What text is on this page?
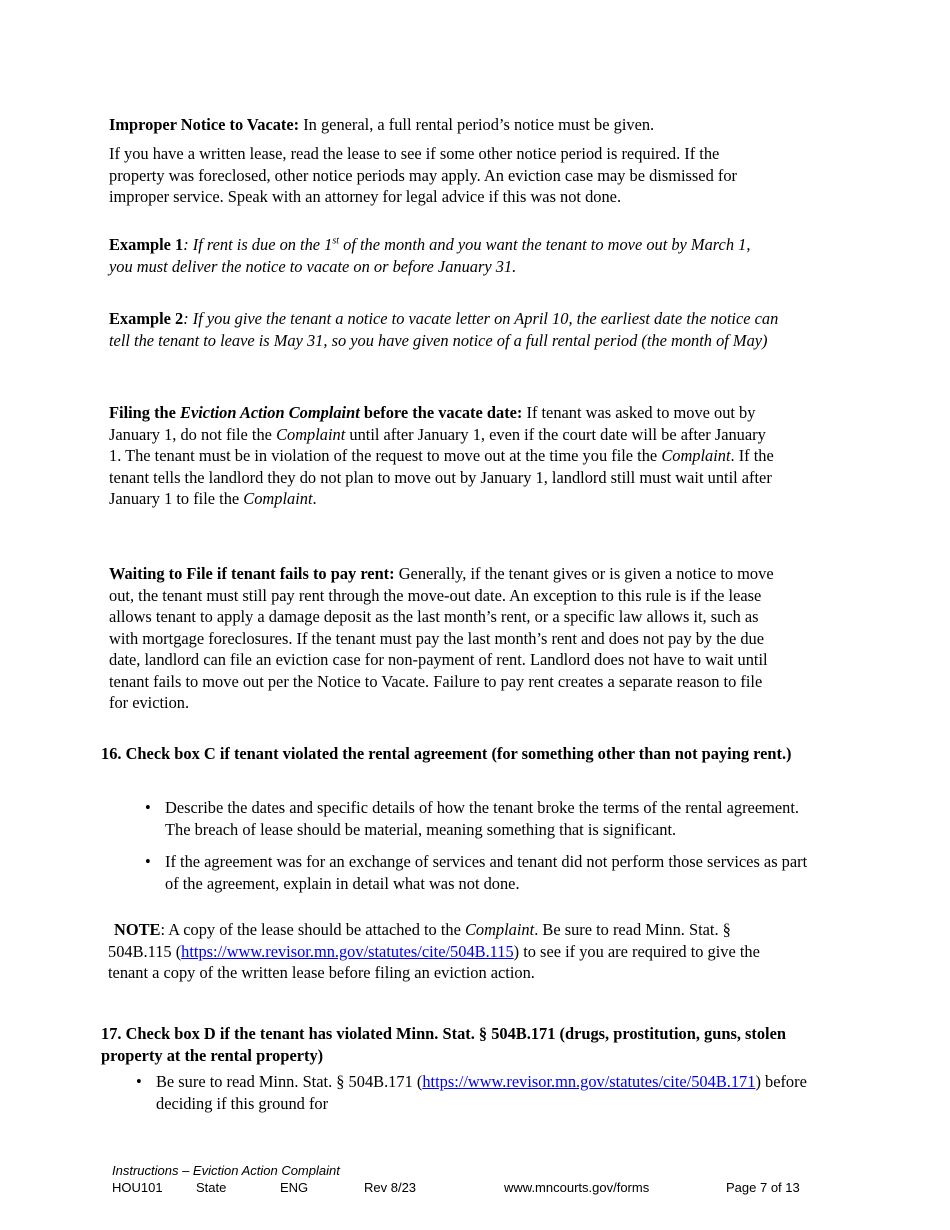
Improper Notice to Vacate: In general, a full rental period’s notice must be given.

If you have a written lease, read the lease to see if some other notice period is required. If the property was foreclosed, other notice periods may apply. An eviction case may be dismissed for improper service. Speak with an attorney for legal advice if this was not done.

Example 1: If rent is due on the 1st of the month and you want the tenant to move out by March 1, you must deliver the notice to vacate on or before January 31.

Example 2: If you give the tenant a notice to vacate letter on April 10, the earliest date the notice can tell the tenant to leave is May 31, so you have given notice of a full rental period (the month of May)

Filing the Eviction Action Complaint before the vacate date: If tenant was asked to move out by January 1, do not file the Complaint until after January 1, even if the court date will be after January 1. The tenant must be in violation of the request to move out at the time you file the Complaint. If the tenant tells the landlord they do not plan to move out by January 1, landlord still must wait until after January 1 to file the Complaint.

Waiting to File if tenant fails to pay rent: Generally, if the tenant gives or is given a notice to move out, the tenant must still pay rent through the move-out date. An exception to this rule is if the lease allows tenant to apply a damage deposit as the last month’s rent, or a specific law allows it, such as with mortgage foreclosures. If the tenant must pay the last month’s rent and does not pay by the due date, landlord can file an eviction case for non-payment of rent. Landlord does not have to wait until tenant fails to move out per the Notice to Vacate. Failure to pay rent creates a separate reason to file for eviction.

16. Check box C if tenant violated the rental agreement (for something other than not paying rent.)

• Describe the dates and specific details of how the tenant broke the terms of the rental agreement. The breach of lease should be material, meaning something that is significant.
• If the agreement was for an exchange of services and tenant did not perform those services as part of the agreement, explain in detail what was not done.

NOTE: A copy of the lease should be attached to the Complaint. Be sure to read Minn. Stat. § 504B.115 (https://www.revisor.mn.gov/statutes/cite/504B.115) to see if you are required to give the tenant a copy of the written lease before filing an eviction action.

17. Check box D if the tenant has violated Minn. Stat. § 504B.171 (drugs, prostitution, guns, stolen property at the rental property)

• Be sure to read Minn. Stat. § 504B.171 (https://www.revisor.mn.gov/statutes/cite/504B.171) before deciding if this ground for
Instructions – Eviction Action Complaint
HOU101	State	ENG	Rev 8/23	www.mncourts.gov/forms	Page 7 of 13
